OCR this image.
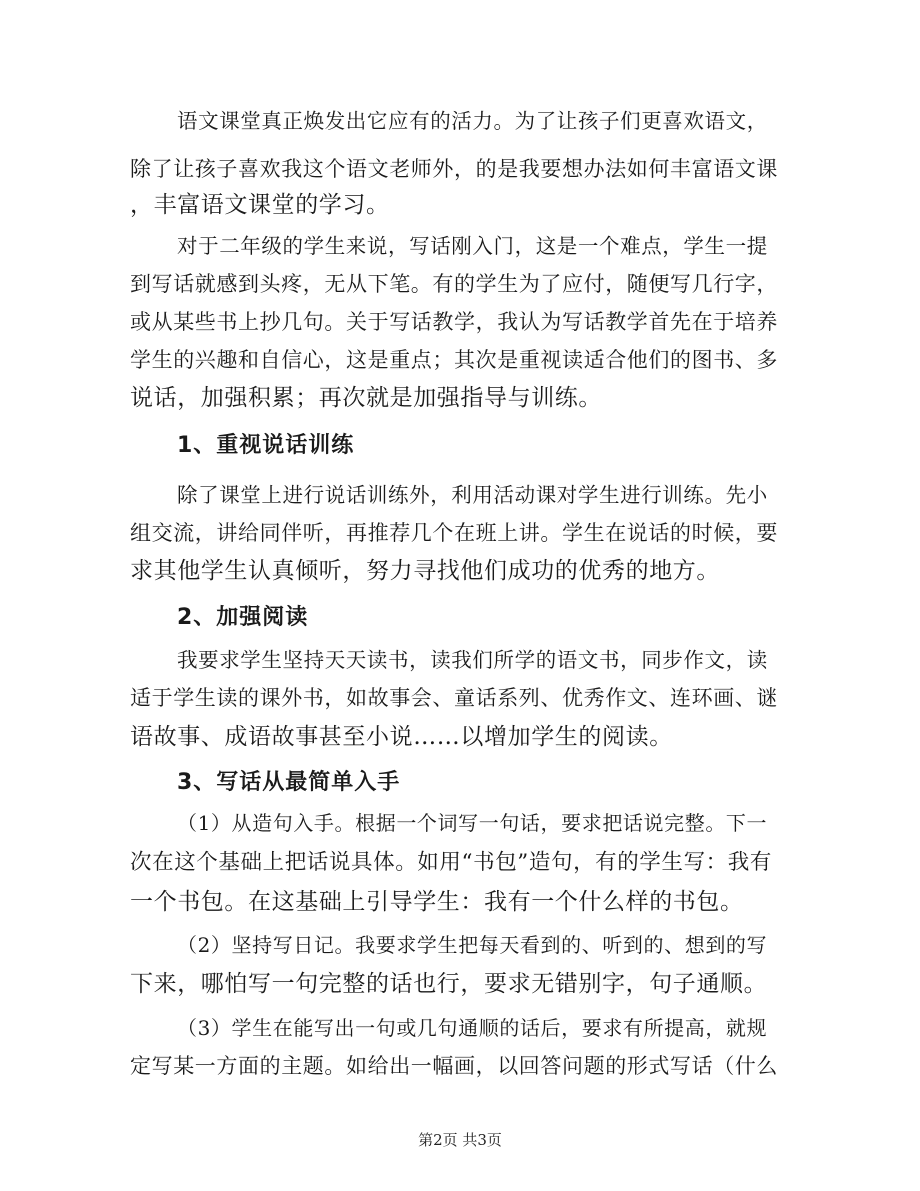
语文课堂真正焕发出它应有的活力。为了让孩子们更喜欢语文，
除了让孩子喜欢我这个语文老师外，的是我要想办法如何丰富语文课
，丰富语文课堂的学习。
对于二年级的学生来说，写话刚入门，这是一个难点，学生一提
到写话就感到头疼，无从下笔。有的学生为了应付，随便写几行字，
或从某些书上抄几句。关于写话教学，我认为写话教学首先在于培养
学生的兴趣和自信心，这是重点；其次是重视读适合他们的图书、多
说话，加强积累；再次就是加强指导与训练。
1、重视说话训练
除了课堂上进行说话训练外，利用活动课对学生进行训练。先小
组交流，讲给同伴听，再推荐几个在班上讲。学生在说话的时候，要
求其他学生认真倾听，努力寻找他们成功的优秀的地方。
2、加强阅读
我要求学生坚持天天读书，读我们所学的语文书，同步作文，读
适于学生读的课外书，如故事会、童话系列、优秀作文、连环画、谜
语故事、成语故事甚至小说……以增加学生的阅读。
3、写话从最简单入手
（1）从造句入手。根据一个词写一句话，要求把话说完整。下一
次在这个基础上把话说具体。如用“书包”造句，有的学生写：我有
一个书包。在这基础上引导学生：我有一个什么样的书包。
（2）坚持写日记。我要求学生把每天看到的、听到的、想到的写
下来，哪怕写一句完整的话也行，要求无错别字，句子通顺。
（3）学生在能写出一句或几句通顺的话后，要求有所提高，就规
定写某一方面的主题。如给出一幅画，以回答问题的形式写话（什么
第2页 共3页
